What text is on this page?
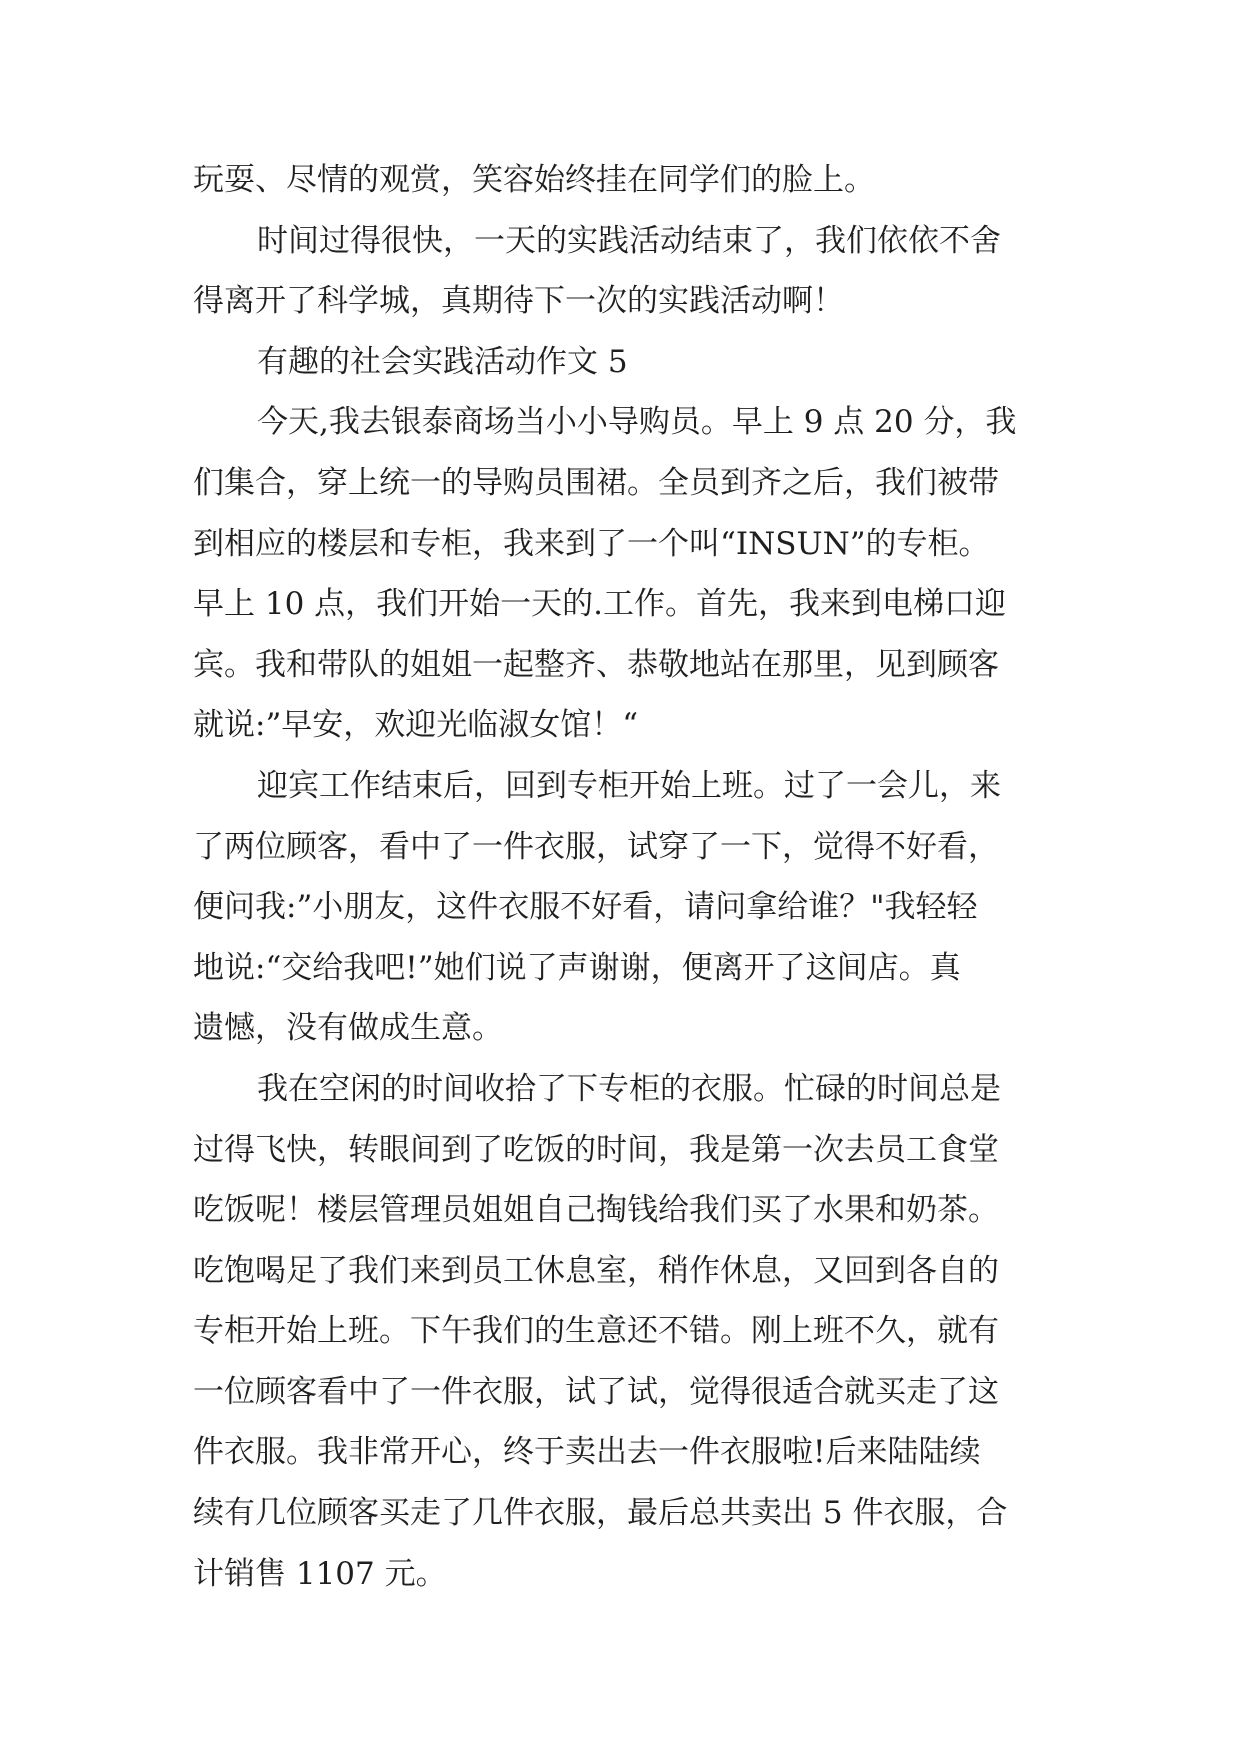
玩耍、尽情的观赏，笑容始终挂在同学们的脸上。
时间过得很快，一天的实践活动结束了，我们依依不舍
得离开了科学城，真期待下一次的实践活动啊！
有趣的社会实践活动作文 5
今天,我去银泰商场当小小导购员。早上 9 点 20 分，我
们集合，穿上统一的导购员围裙。全员到齐之后，我们被带
到相应的楼层和专柜，我来到了一个叫“INSUN”的专柜。
早上 10 点，我们开始一天的.工作。首先，我来到电梯口迎
宾。我和带队的姐姐一起整齐、恭敬地站在那里，见到顾客
就说:”早安，欢迎光临淑女馆！“
迎宾工作结束后，回到专柜开始上班。过了一会儿，来
了两位顾客，看中了一件衣服，试穿了一下，觉得不好看，
便问我:”小朋友，这件衣服不好看，请问拿给谁？"我轻轻
地说:“交给我吧!”她们说了声谢谢，便离开了这间店。真
遗憾，没有做成生意。
我在空闲的时间收拾了下专柜的衣服。忙碌的时间总是
过得飞快，转眼间到了吃饭的时间，我是第一次去员工食堂
吃饭呢！楼层管理员姐姐自己掏钱给我们买了水果和奶茶。
吃饱喝足了我们来到员工休息室，稍作休息，又回到各自的
专柜开始上班。下午我们的生意还不错。刚上班不久，就有
一位顾客看中了一件衣服，试了试，觉得很适合就买走了这
件衣服。我非常开心，终于卖出去一件衣服啦!后来陆陆续
续有几位顾客买走了几件衣服，最后总共卖出 5 件衣服，合
计销售 1107 元。
